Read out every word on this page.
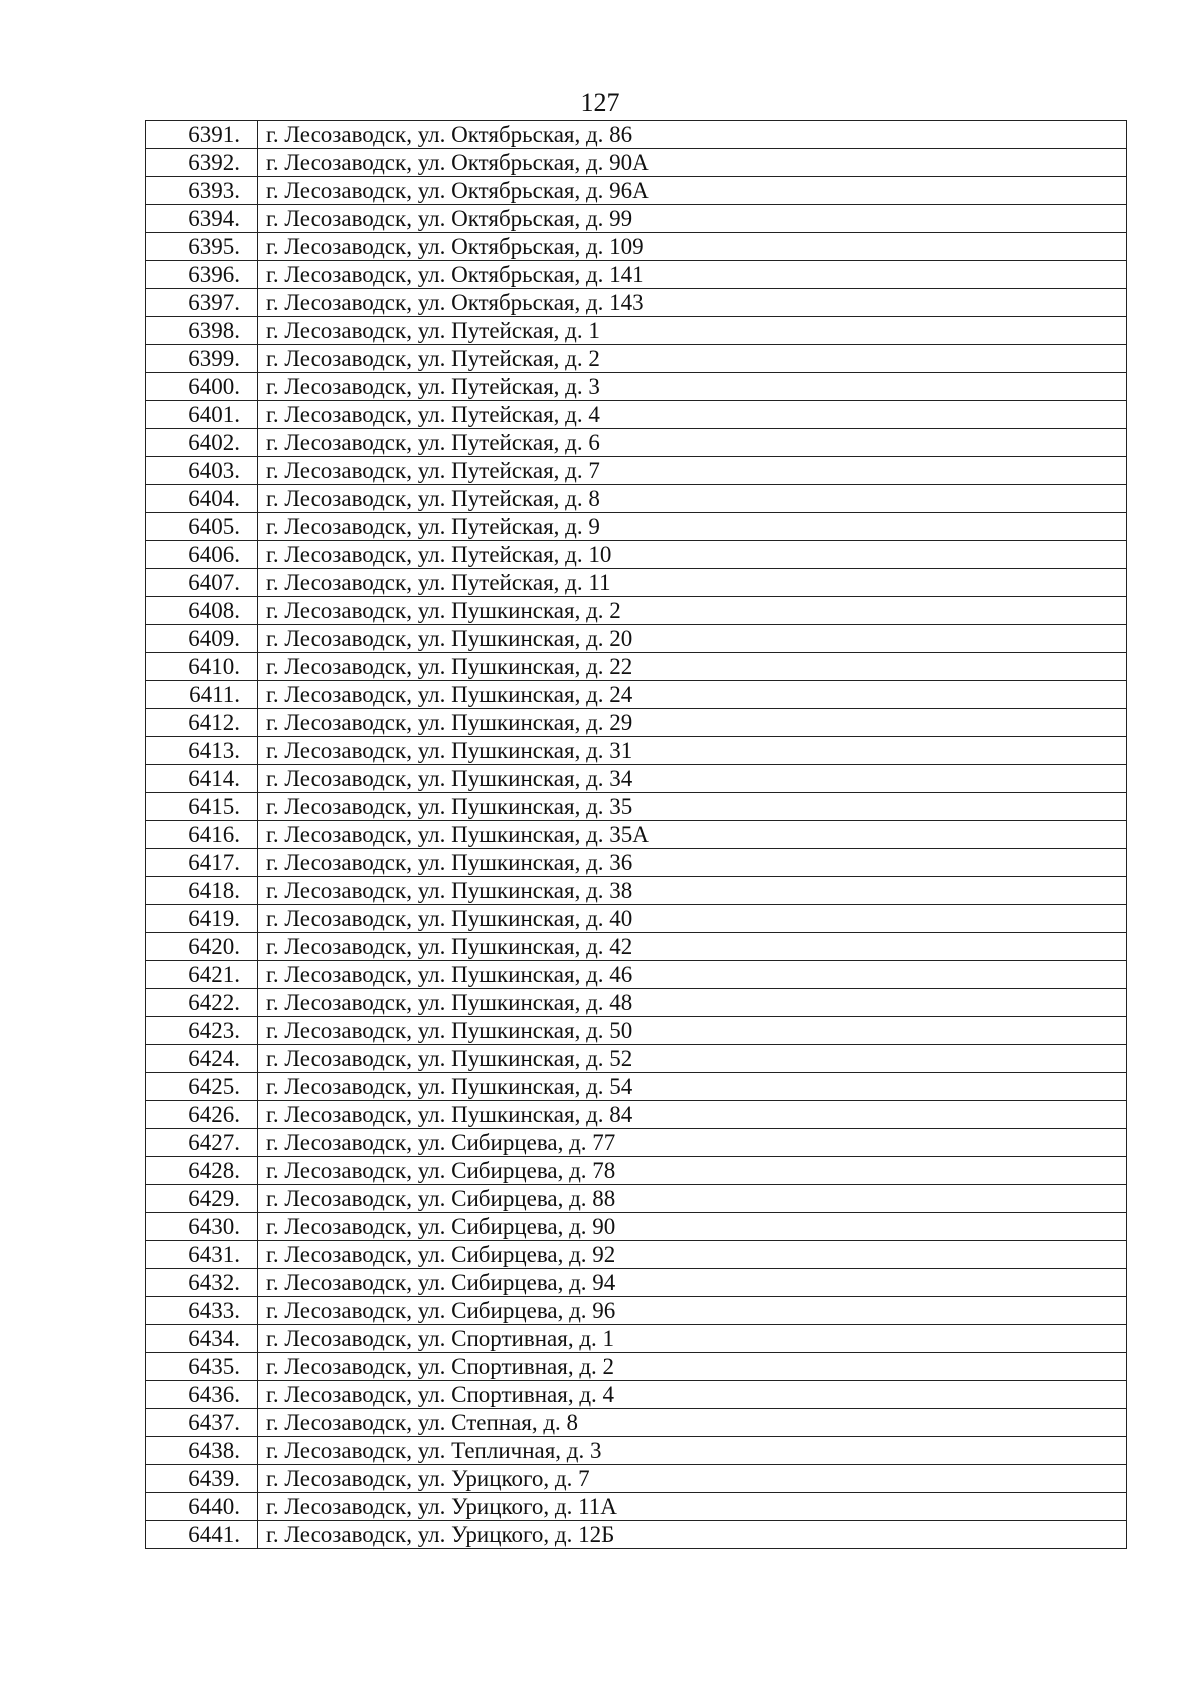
127
6391.	г. Лесозаводск, ул. Октябрьская, д. 86
6392.	г. Лесозаводск, ул. Октябрьская, д. 90А
6393.	г. Лесозаводск, ул. Октябрьская, д. 96А
6394.	г. Лесозаводск, ул. Октябрьская, д. 99
6395.	г. Лесозаводск, ул. Октябрьская, д. 109
6396.	г. Лесозаводск, ул. Октябрьская, д. 141
6397.	г. Лесозаводск, ул. Октябрьская, д. 143
6398.	г. Лесозаводск, ул. Путейская, д. 1
6399.	г. Лесозаводск, ул. Путейская, д. 2
6400.	г. Лесозаводск, ул. Путейская, д. 3
6401.	г. Лесозаводск, ул. Путейская, д. 4
6402.	г. Лесозаводск, ул. Путейская, д. 6
6403.	г. Лесозаводск, ул. Путейская, д. 7
6404.	г. Лесозаводск, ул. Путейская, д. 8
6405.	г. Лесозаводск, ул. Путейская, д. 9
6406.	г. Лесозаводск, ул. Путейская, д. 10
6407.	г. Лесозаводск, ул. Путейская, д. 11
6408.	г. Лесозаводск, ул. Пушкинская, д. 2
6409.	г. Лесозаводск, ул. Пушкинская, д. 20
6410.	г. Лесозаводск, ул. Пушкинская, д. 22
6411.	г. Лесозаводск, ул. Пушкинская, д. 24
6412.	г. Лесозаводск, ул. Пушкинская, д. 29
6413.	г. Лесозаводск, ул. Пушкинская, д. 31
6414.	г. Лесозаводск, ул. Пушкинская, д. 34
6415.	г. Лесозаводск, ул. Пушкинская, д. 35
6416.	г. Лесозаводск, ул. Пушкинская, д. 35А
6417.	г. Лесозаводск, ул. Пушкинская, д. 36
6418.	г. Лесозаводск, ул. Пушкинская, д. 38
6419.	г. Лесозаводск, ул. Пушкинская, д. 40
6420.	г. Лесозаводск, ул. Пушкинская, д. 42
6421.	г. Лесозаводск, ул. Пушкинская, д. 46
6422.	г. Лесозаводск, ул. Пушкинская, д. 48
6423.	г. Лесозаводск, ул. Пушкинская, д. 50
6424.	г. Лесозаводск, ул. Пушкинская, д. 52
6425.	г. Лесозаводск, ул. Пушкинская, д. 54
6426.	г. Лесозаводск, ул. Пушкинская, д. 84
6427.	г. Лесозаводск, ул. Сибирцева, д. 77
6428.	г. Лесозаводск, ул. Сибирцева, д. 78
6429.	г. Лесозаводск, ул. Сибирцева, д. 88
6430.	г. Лесозаводск, ул. Сибирцева, д. 90
6431.	г. Лесозаводск, ул. Сибирцева, д. 92
6432.	г. Лесозаводск, ул. Сибирцева, д. 94
6433.	г. Лесозаводск, ул. Сибирцева, д. 96
6434.	г. Лесозаводск, ул. Спортивная, д. 1
6435.	г. Лесозаводск, ул. Спортивная, д. 2
6436.	г. Лесозаводск, ул. Спортивная, д. 4
6437.	г. Лесозаводск, ул. Степная, д. 8
6438.	г. Лесозаводск, ул. Тепличная, д. 3
6439.	г. Лесозаводск, ул. Урицкого, д. 7
6440.	г. Лесозаводск, ул. Урицкого, д. 11А
6441.	г. Лесозаводск, ул. Урицкого, д. 12Б
